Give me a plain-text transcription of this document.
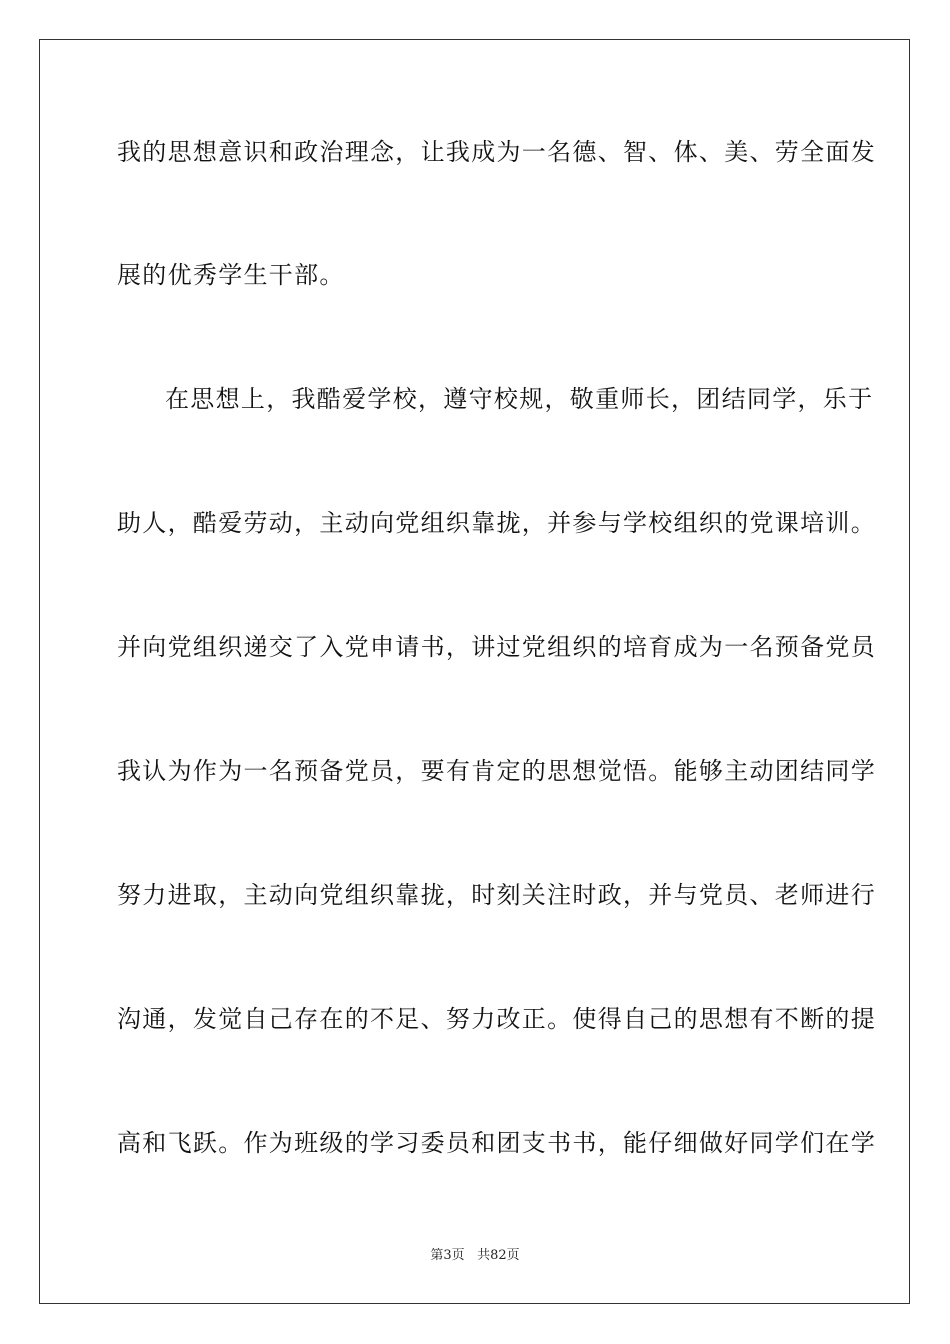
我的思想意识和政治理念，让我成为一名德、智、体、美、劳全面发
展的优秀学生干部。
在思想上，我酷爱学校，遵守校规，敬重师长，团结同学，乐于
助人，酷爱劳动，主动向党组织靠拢，并参与学校组织的党课培训。
并向党组织递交了入党申请书，讲过党组织的培育成为一名预备党员
我认为作为一名预备党员，要有肯定的思想觉悟。能够主动团结同学
努力进取，主动向党组织靠拢，时刻关注时政，并与党员、老师进行
沟通，发觉自己存在的不足、努力改正。使得自己的思想有不断的提
高和飞跃。作为班级的学习委员和团支书书，能仔细做好同学们在学
第3页 共82页
